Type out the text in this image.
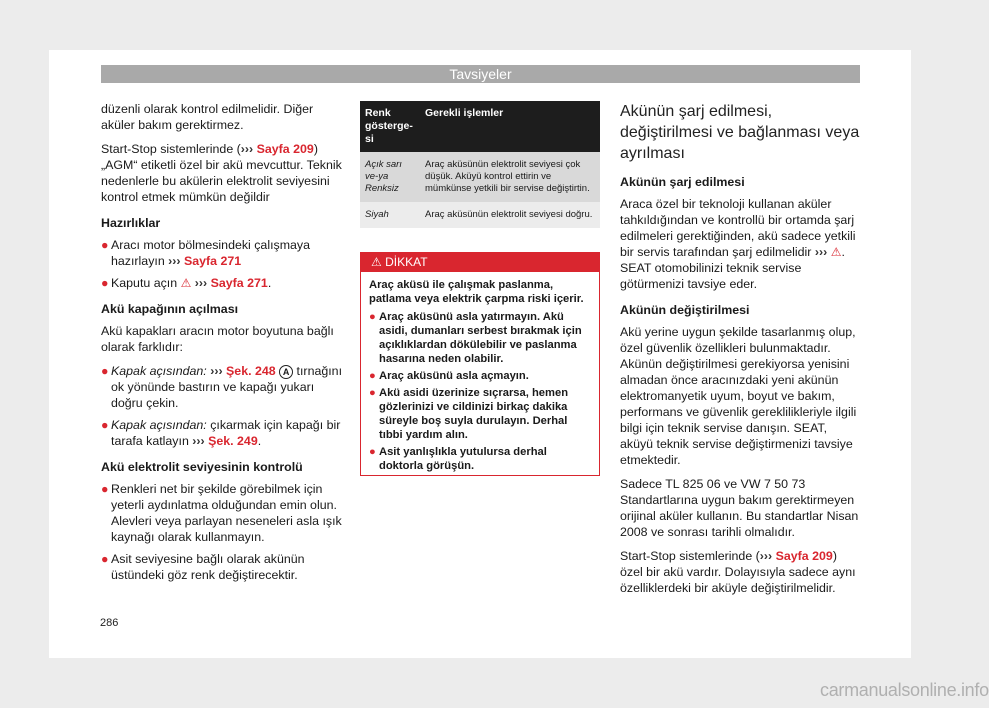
Tavsiyeler

düzenli olarak kontrol edilmelidir. Diğer aküler bakım gerektirmez.

Start-Stop sistemlerinde (››› Sayfa 209) „AGM“ etiketli özel bir akü mevcuttur. Teknik nedenlerle bu akülerin elektrolit seviyesini kontrol etmek mümkün değildir

Hazırlıklar

● Aracı motor bölmesindeki çalışmaya hazırlayın ››› Sayfa 271
● Kaputu açın ⚠ ››› Sayfa 271.

Akü kapağının açılması

Akü kapakları aracın motor boyutuna bağlı olarak farklıdır:

● Kapak açısından: ››› Şek. 248 A tırnağını ok yönünde bastırın ve kapağı yukarı doğru çekin.
● Kapak açısından: çıkarmak için kapağı bir tarafa katlayın ››› Şek. 249.

Akü elektrolit seviyesinin kontrolü

● Renkleri net bir şekilde görebilmek için yeterli aydınlatma olduğundan emin olun. Alevleri veya parlayan neseneleri asla ışık kaynağı olarak kullanmayın.
● Asit seviyesine bağlı olarak akünün üstündeki göz renk değiştirecektir.
Renk gösterge-si	Gerekli işlemler
Açık sarı ve-ya Renksiz	Araç aküsünün elektrolit seviyesi çok düşük. Aküyü kontrol ettirin ve mümkünse yetkili bir servise değiştirtin.
Siyah	Araç aküsünün elektrolit seviyesi doğru.
⚠ DİKKAT

Araç aküsü ile çalışmak paslanma, patlama veya elektrik çarpma riski içerir.

● Araç aküsünü asla yatırmayın. Akü asidi, dumanları serbest bırakmak için açıklıklardan dökülebilir ve paslanma hasarına neden olabilir.
● Araç aküsünü asla açmayın.
● Akü asidi üzerinize sıçrarsa, hemen gözlerinizi ve cildinizi birkaç dakika süreyle boş suyla durulayın. Derhal tıbbi yardım alın.
● Asit yanlışlıkla yutulursa derhal doktorla görüşün.
Akünün şarj edilmesi, değiştirilmesi ve bağlanması veya ayrılması

Akünün şarj edilmesi

Araca özel bir teknoloji kullanan aküler tahkıldığından ve kontrollü bir ortamda şarj edilmeleri gerektiğinden, akü sadece yetkili bir servis tarafından şarj edilmelidir ››› ⚠.
SEAT otomobilinizi teknik servise götürmenizi tavsiye eder.

Akünün değiştirilmesi

Akü yerine uygun şekilde tasarlanmış olup, özel güvenlik özellikleri bulunmaktadır. Akünün değiştirilmesi gerekiyorsa yenisini almadan önce aracınızdaki yeni akünün elektromanyetik uyum, boyut ve bakım, performans ve güvenlik gereklilikleriyle ilgili bilgi için teknik servise danışın. SEAT, aküyü teknik servise değiştirmenizi tavsiye etmektedir.

Sadece TL 825 06 ve VW 7 50 73 Standartlarına uygun bakım gerektirmeyen orijinal aküler kullanın. Bu standartlar Nisan 2008 ve sonrası tarihli olmalıdır.

Start-Stop sistemlerinde (››› Sayfa 209) özel bir akü vardır. Dolayısıyla sadece aynı özelliklerdeki bir aküyle değiştirilmelidir.

286
carmanualsonline.info
